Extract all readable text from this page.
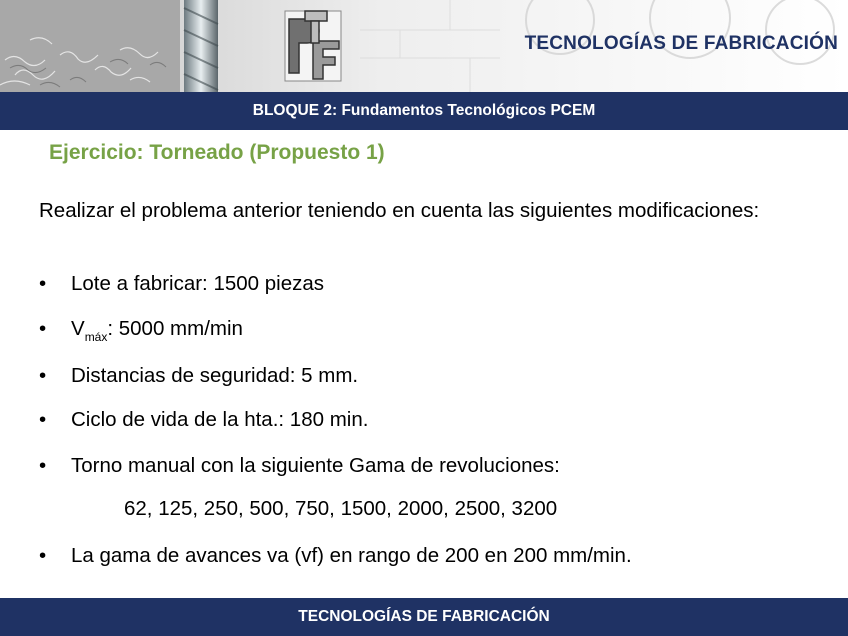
TECNOLOGÍAS DE FABRICACIÓN
BLOQUE 2: Fundamentos Tecnológicos PCEM
Ejercicio: Torneado (Propuesto 1)
Realizar el problema anterior teniendo en cuenta las siguientes modificaciones:
•	Lote a fabricar: 1500 piezas
•	$V_{máx}$: 5000 mm/min
•	Distancias de seguridad: 5 mm.
•	Ciclo de vida de la hta.: 180 min.
•	Torno manual con la siguiente Gama de revoluciones:
•	La gama de avances va (vf) en rango de 200 en 200 mm/min.
62, 125, 250, 500, 750, 1500, 2000, 2500, 3200
TECNOLOGÍAS DE FABRICACIÓN
